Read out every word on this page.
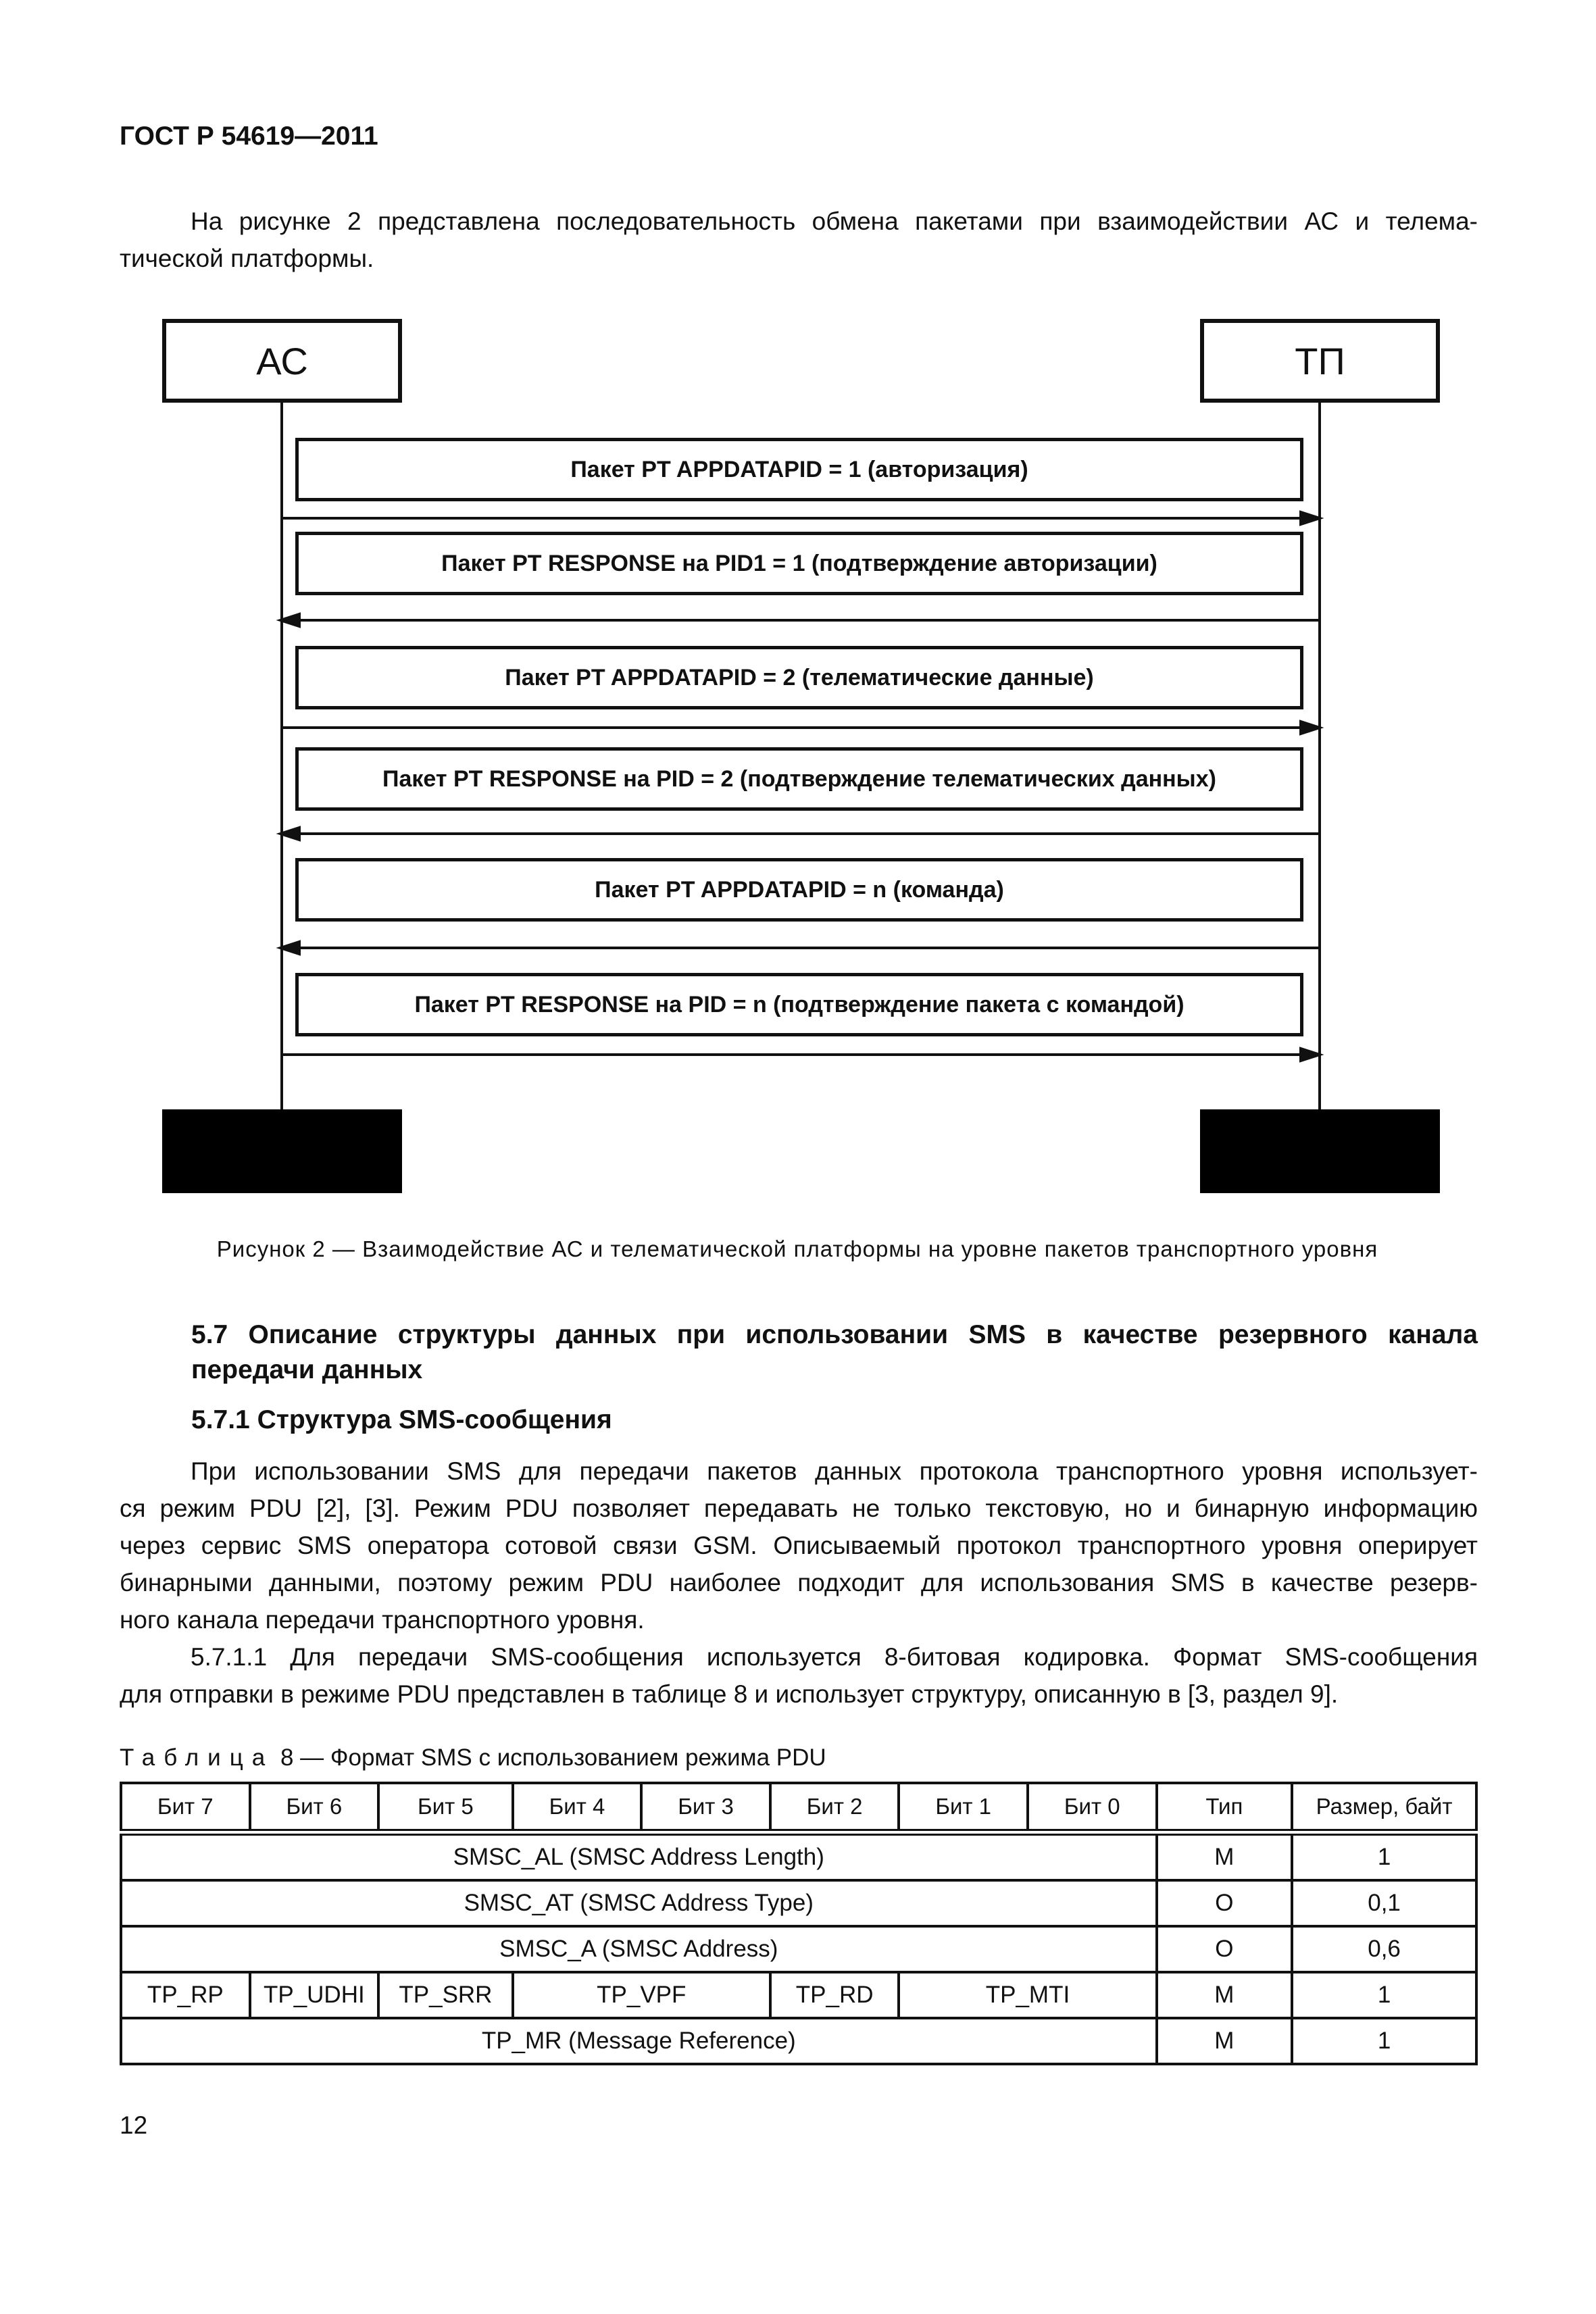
ГОСТ Р 54619—2011

На рисунке 2 представлена последовательность обмена пакетами при взаимодействии АС и телема-
тической платформы.

АС	ТП
Пакет PT APPDATAPID = 1 (авторизация)
Пакет PT RESPONSE на PID1 = 1 (подтверждение авторизации)
Пакет PT APPDATAPID = 2 (телематические данные)
Пакет PT RESPONSE на PID = 2 (подтверждение телематических данных)
Пакет PT APPDATAPID = n (команда)
Пакет PT RESPONSE на PID = n (подтверждение пакета с командой)
Рисунок 2 — Взаимодействие АС и телематической платформы на уровне пакетов транспортного уровня
5.7 Описание структуры данных при использовании SMS в качестве резервного канала
передачи данных
5.7.1 Структура SMS-сообщения

При использовании SMS для передачи пакетов данных протокола транспортного уровня использует-
ся режим PDU [2], [3]. Режим PDU позволяет передавать не только текстовую, но и бинарную информацию
через сервис SMS оператора сотовой связи GSM. Описываемый протокол транспортного уровня оперирует
бинарными данными, поэтому режим PDU наиболее подходит для использования SMS в качестве резерв-
ного канала передачи транспортного уровня.

5.7.1.1 Для передачи SMS-сообщения используется 8-битовая кодировка. Формат SMS-сообщения
для отправки в режиме PDU представлен в таблице 8 и использует структуру, описанную в [3, раздел 9].

Таблица 8 — Формат SMS с использованием режима PDU
Бит 7	Бит 6	Бит 5	Бит 4	Бит 3	Бит 2	Бит 1	Бит 0	Тип	Размер, байт
SMSC_AL (SMSC Address Length)								M	1
SMSC_AT (SMSC Address Type)								O	0,1
SMSC_A (SMSC Address)								O	0,6
TP_RP	TP_UDHI	TP_SRR	TP_VPF		TP_RD	TP_MTI		M	1
TP_MR (Message Reference)								M	1
12
